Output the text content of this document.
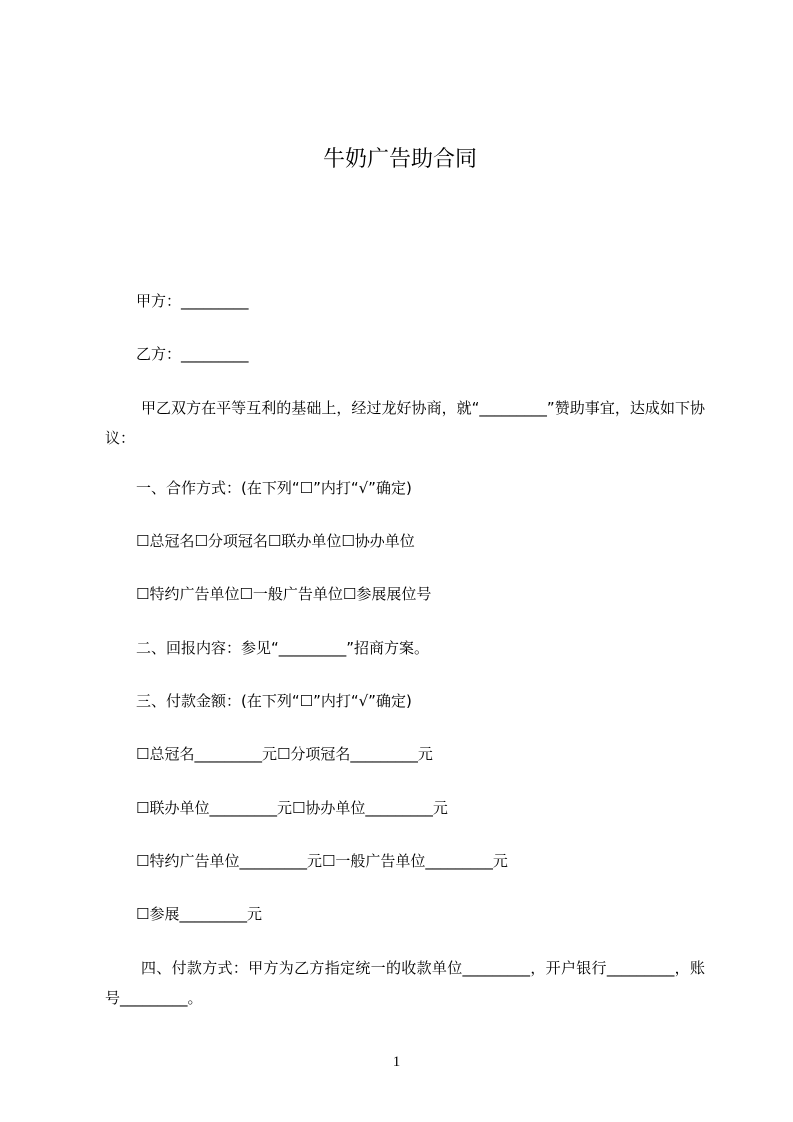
牛奶广告助合同
甲方：_________
乙方：_________
甲乙双方在平等互利的基础上，经过龙好协商，就“_________”赞助事宜，达成如下协议：
一、合作方式：(在下列“☐”内打“√”确定)
☐总冠名☐分项冠名☐联办单位☐协办单位
☐特约广告单位☐一般广告单位☐参展展位号
二、回报内容：参见“_________”招商方案。
三、付款金额：(在下列“☐”内打“√”确定)
☐总冠名_________元☐分项冠名_________元
☐联办单位_________元☐协办单位_________元
☐特约广告单位_________元☐一般广告单位_________元
☐参展_________元
四、付款方式：甲方为乙方指定统一的收款单位_________，开户银行_________，账号_________。
1
